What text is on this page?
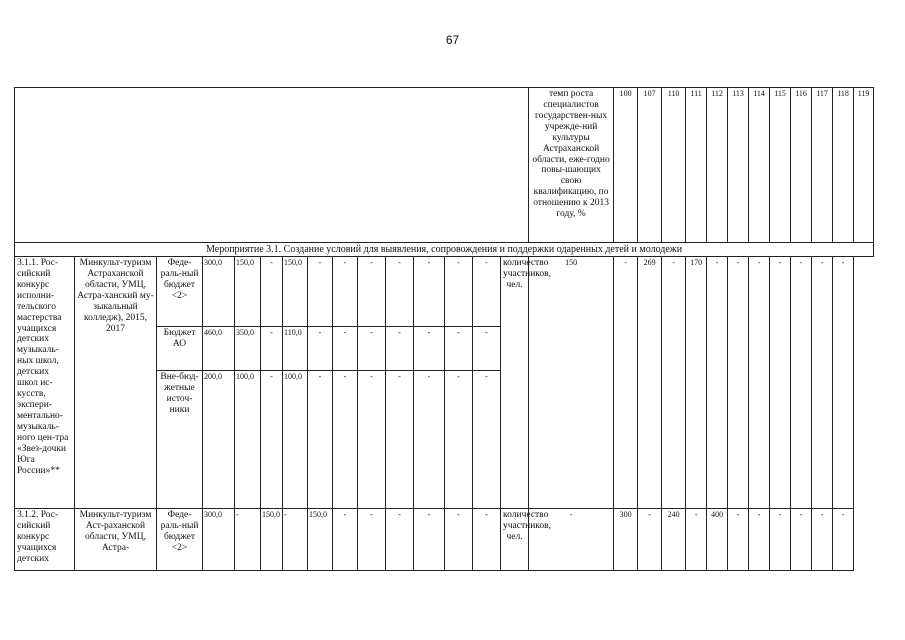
67
															темп роста специалистов государствен-ных учрежде-ний культуры Астраханской области, еже-годно повы-шающих свою квалификацию, по отношению к 2013 году, %	100	107	110	111	112	113	114	115	116	117	118	119
Мероприятие 3.1. Создание условий для выявления, сопровождения и поддержки одаренных детей и молодежи																											
3.1.1. Рос-сийский конкурс исполни-тельского мастерства учащихся детских музыкаль-ных школ, детских школ ис-кусств, экспери-ментально-музыкаль-ного цен-тра «Звез-дочки Юга России»**	Минкульт-туризм Астраханской области, УМЦ, Астра-ханский му-зыкальный колледж), 2015, 2017	Феде-раль-ный бюджет <2>	300,0	150,0	-	150,0	-	-	-	-	-	-	-	количество участников, чел.	150	-	269	-	170	-	-	-	-	-	-	-	
		Бюджет АО	460,0	350,0	-	110,0	-	-	-	-	-	-	-														
		Вне-бюд-жетные источ-ники	200,0	100,0	-	100,0	-	-	-	-	-	-	-														
3.1.2. Рос-сийский конкурс учащихся детских	Минкульт-туризм Аст-раханской области, УМЦ, Астра-	Феде-раль-ный бюджет <2>	300,0	-	150,0	-	150,0	-	-	-	-	-	-	количество участников, чел.	-	300	-	240	-	400	-	-	-	-	-	-	
